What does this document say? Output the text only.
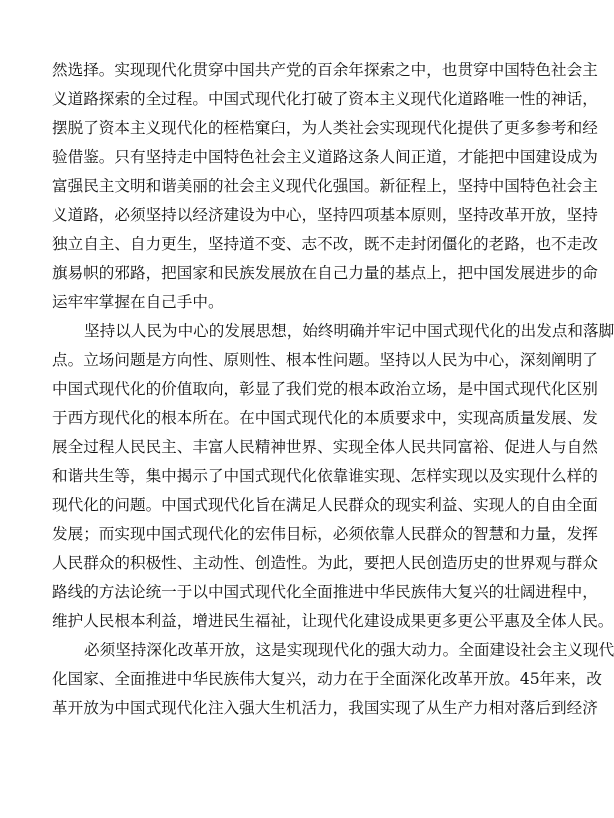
然选择。实现现代化贯穿中国共产党的百余年探索之中，也贯穿中国特色社会主
义道路探索的全过程。中国式现代化打破了资本主义现代化道路唯一性的神话，
摆脱了资本主义现代化的桎梏窠臼，为人类社会实现现代化提供了更多参考和经
验借鉴。只有坚持走中国特色社会主义道路这条人间正道，才能把中国建设成为
富强民主文明和谐美丽的社会主义现代化强国。新征程上，坚持中国特色社会主
义道路，必须坚持以经济建设为中心，坚持四项基本原则，坚持改革开放，坚持
独立自主、自力更生，坚持道不变、志不改，既不走封闭僵化的老路，也不走改
旗易帜的邪路，把国家和民族发展放在自己力量的基点上，把中国发展进步的命
运牢牢掌握在自己手中。
坚持以人民为中心的发展思想，始终明确并牢记中国式现代化的出发点和落脚
点。立场问题是方向性、原则性、根本性问题。坚持以人民为中心，深刻阐明了
中国式现代化的价值取向，彰显了我们党的根本政治立场，是中国式现代化区别
于西方现代化的根本所在。在中国式现代化的本质要求中，实现高质量发展、发
展全过程人民民主、丰富人民精神世界、实现全体人民共同富裕、促进人与自然
和谐共生等，集中揭示了中国式现代化依靠谁实现、怎样实现以及实现什么样的
现代化的问题。中国式现代化旨在满足人民群众的现实利益、实现人的自由全面
发展；而实现中国式现代化的宏伟目标，必须依靠人民群众的智慧和力量，发挥
人民群众的积极性、主动性、创造性。为此，要把人民创造历史的世界观与群众
路线的方法论统一于以中国式现代化全面推进中华民族伟大复兴的壮阔进程中，
维护人民根本利益，增进民生福祉，让现代化建设成果更多更公平惠及全体人民。
必须坚持深化改革开放，这是实现现代化的强大动力。全面建设社会主义现代
化国家、全面推进中华民族伟大复兴，动力在于全面深化改革开放。45年来，改
革开放为中国式现代化注入强大生机活力，我国实现了从生产力相对落后到经济
